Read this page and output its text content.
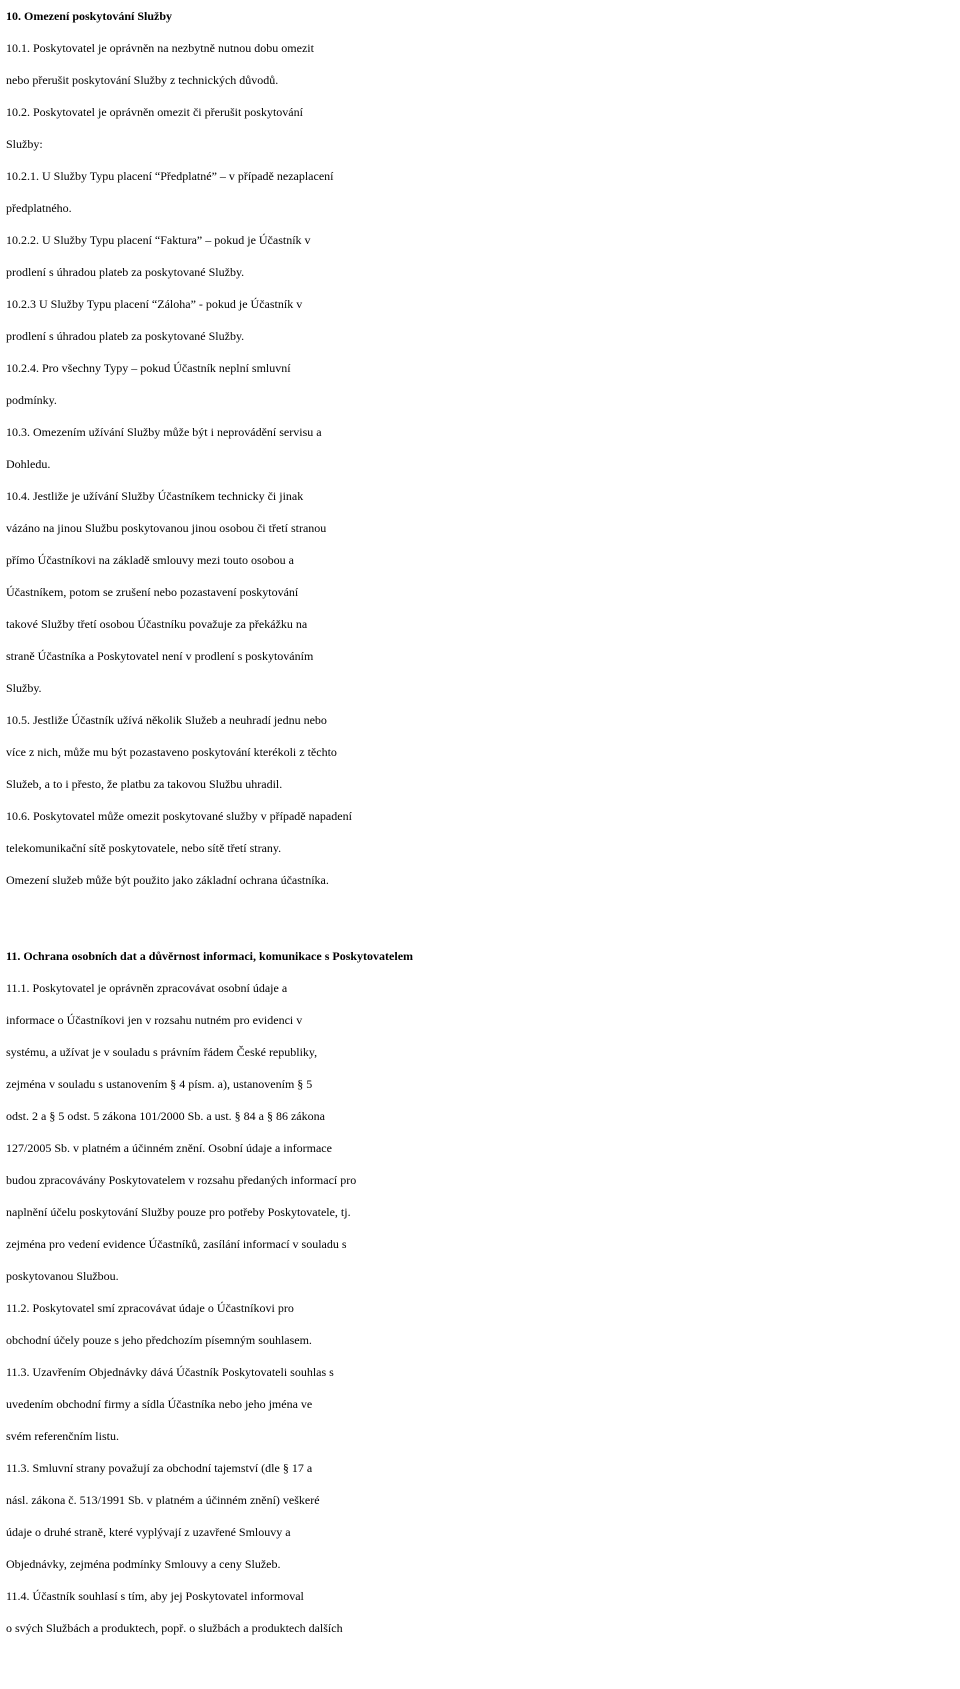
10. Omezení poskytování Služby
10.1. Poskytovatel je oprávněn na nezbytně nutnou dobu omezit
nebo přerušit poskytování Služby z technických důvodů.
10.2. Poskytovatel je oprávněn omezit či přerušit poskytování
Služby:
10.2.1. U Služby Typu placení “Předplatné” – v případě nezaplacení
předplatného.
10.2.2. U Služby Typu placení “Faktura” – pokud je Účastník v
prodlení s úhradou plateb za poskytované Služby.
10.2.3 U Služby Typu placení “Záloha” - pokud je Účastník v
prodlení s úhradou plateb za poskytované Služby.
10.2.4. Pro všechny Typy – pokud Účastník neplní smluvní
podmínky.
10.3. Omezením užívání Služby může být i neprovádění servisu a
Dohledu.
10.4. Jestliže je užívání Služby Účastníkem technicky či jinak
vázáno na jinou Službu poskytovanou jinou osobou či třetí stranou
přímo Účastníkovi na základě smlouvy mezi touto osobou a
Účastníkem, potom se zrušení nebo pozastavení poskytování
takové Služby třetí osobou Účastníku považuje za překážku na
straně Účastníka a Poskytovatel není v prodlení s poskytováním
Služby.
10.5. Jestliže Účastník užívá několik Služeb a neuhradí jednu nebo
více z nich, může mu být pozastaveno poskytování kterékoli z těchto
Služeb, a to i přesto, že platbu za takovou Službu uhradil.
10.6. Poskytovatel může omezit poskytované služby v případě napadení
telekomunikační sítě poskytovatele, nebo sítě třetí strany.
Omezení služeb může být použito jako základní ochrana účastníka.
11. Ochrana osobních dat a důvěrnost informaci, komunikace s Poskytovatelem
11.1. Poskytovatel je oprávněn zpracovávat osobní údaje a
informace o Účastníkovi jen v rozsahu nutném pro evidenci v
systému, a užívat je v souladu s právním řádem České republiky,
zejména v souladu s ustanovením § 4 písm. a), ustanovením § 5
odst. 2 a § 5 odst. 5 zákona 101/2000 Sb. a ust. § 84 a § 86 zákona
127/2005 Sb. v platném a účinném znění. Osobní údaje a informace
budou zpracovávány Poskytovatelem v rozsahu předaných informací pro
naplnění účelu poskytování Služby pouze pro potřeby Poskytovatele, tj.
zejména pro vedení evidence Účastníků, zasílání informací v souladu s
poskytovanou Službou.
11.2. Poskytovatel smí zpracovávat údaje o Účastníkovi pro
obchodní účely pouze s jeho předchozím písemným souhlasem.
11.3. Uzavřením Objednávky dává Účastník Poskytovateli souhlas s
uvedením obchodní firmy a sídla Účastníka nebo jeho jména ve
svém referenčním listu.
11.3. Smluvní strany považují za obchodní tajemství (dle § 17 a
násl. zákona č. 513/1991 Sb. v platném a účinném znění) veškeré
údaje o druhé straně, které vyplývají z uzavřené Smlouvy a
Objednávky, zejména podmínky Smlouvy a ceny Služeb.
11.4. Účastník souhlasí s tím, aby jej Poskytovatel informoval
o svých Službách a produktech, popř. o službách a produktech dalších
